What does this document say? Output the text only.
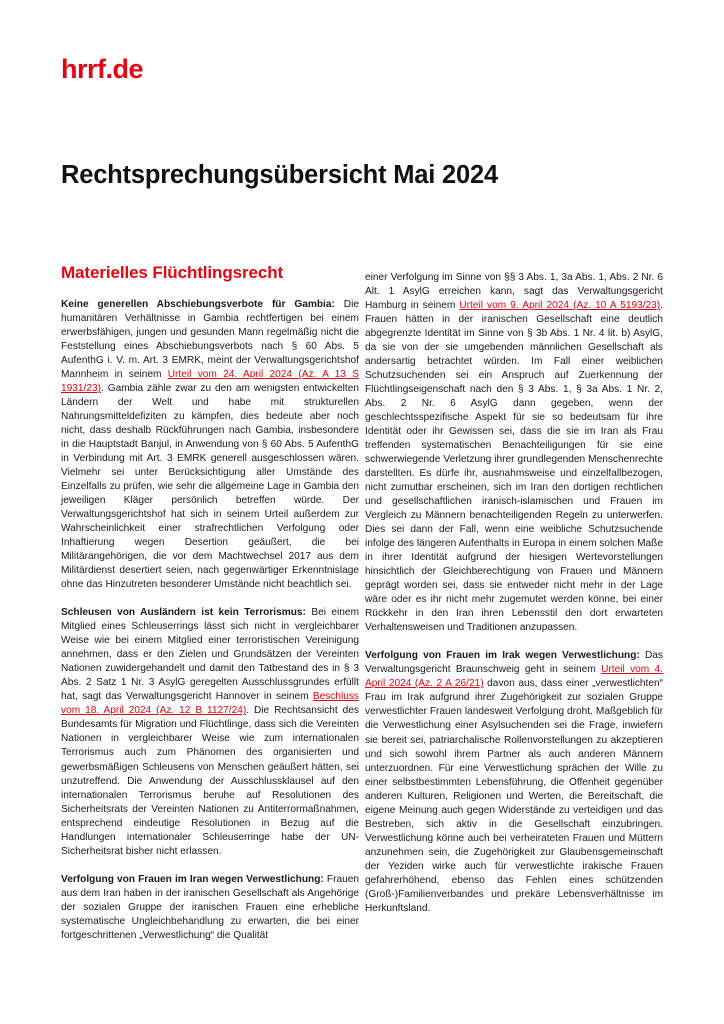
hrrf.de
Rechtsprechungsübersicht Mai 2024
Materielles Flüchtlingsrecht

Keine generellen Abschiebungsverbote für Gambia: Die humanitären Verhältnisse in Gambia rechtfertigen bei einem erwerbsfähigen, jungen und gesunden Mann regelmäßig nicht die Feststellung eines Abschiebungsverbots nach § 60 Abs. 5 AufenthG i. V. m. Art. 3 EMRK, meint der Verwaltungsgerichtshof Mannheim in seinem Urteil vom 24. April 2024 (Az. A 13 S 1931/23). Gambia zähle zwar zu den am wenigsten entwickelten Ländern der Welt und habe mit strukturellen Nahrungsmitteldefiziten zu kämpfen, dies bedeute aber noch nicht, dass deshalb Rückführungen nach Gambia, insbesondere in die Hauptstadt Banjul, in Anwendung von § 60 Abs. 5 AufenthG in Verbindung mit Art. 3 EMRK generell ausgeschlossen wären. Vielmehr sei unter Berücksichtigung aller Umstände des Einzelfalls zu prüfen, wie sehr die allgemeine Lage in Gambia den jeweiligen Kläger persönlich betreffen würde. Der Verwaltungsgerichtshof hat sich in seinem Urteil außerdem zur Wahrscheinlichkeit einer strafrechtlichen Verfolgung oder Inhaftierung wegen Desertion geäußert, die bei Militärangehörigen, die vor dem Machtwechsel 2017 aus dem Militärdienst desertiert seien, nach gegenwärtiger Erkenntnislage ohne das Hinzutreten besonderer Umstände nicht beachtlich sei.

Schleusen von Ausländern ist kein Terrorismus: Bei einem Mitglied eines Schleuserrings lässt sich nicht in vergleichbarer Weise wie bei einem Mitglied einer terroristischen Vereinigung annehmen, dass er den Zielen und Grundsätzen der Vereinten Nationen zuwidergehandelt und damit den Tatbestand des in § 3 Abs. 2 Satz 1 Nr. 3 AsylG geregelten Ausschlussgrundes erfüllt hat, sagt das Verwaltungsgericht Hannover in seinem Beschluss vom 18. April 2024 (Az. 12 B 1127/24). Die Rechtsansicht des Bundesamts für Migration und Flüchtlinge, dass sich die Vereinten Nationen in vergleichbarer Weise wie zum internationalen Terrorismus auch zum Phänomen des organisierten und gewerbsmäßigen Schleusens von Menschen geäußert hätten, sei unzutreffend. Die Anwendung der Ausschlussklausel auf den internationalen Terrorismus beruhe auf Resolutionen des Sicherheitsrats der Vereinten Nationen zu Antiterrormaßnahmen, entsprechend eindeutige Resolutionen in Bezug auf die Handlungen internationaler Schleuserringe habe der UN-Sicherheitsrat bisher nicht erlassen.

Verfolgung von Frauen im Iran wegen Verwestlichung: Frauen aus dem Iran haben in der iranischen Gesellschaft als Angehörige der sozialen Gruppe der iranischen Frauen eine erhebliche systematische Ungleichbehandlung zu erwarten, die bei einer fortgeschrittenen „Verwestlichung“ die Qualität

einer Verfolgung im Sinne von §§ 3 Abs. 1, 3a Abs. 1, Abs. 2 Nr. 6 Alt. 1 AsylG erreichen kann, sagt das Verwaltungsgericht Hamburg in seinem Urteil vom 9. April 2024 (Az. 10 A 5193/23). Frauen hätten in der iranischen Gesellschaft eine deutlich abgegrenzte Identität im Sinne von § 3b Abs. 1 Nr. 4 lit. b) AsylG, da sie von der sie umgebenden männlichen Gesellschaft als andersartig betrachtet würden. Im Fall einer weiblichen Schutzsuchenden sei ein Anspruch auf Zuerkennung der Flüchtlingseigenschaft nach den § 3 Abs. 1, § 3a Abs. 1 Nr. 2, Abs. 2 Nr. 6 AsylG dann gegeben, wenn der geschlechtsspezifische Aspekt für sie so bedeutsam für ihre Identität oder ihr Gewissen sei, dass die sie im Iran als Frau treffenden systematischen Benachteiligungen für sie eine schwerwiegende Verletzung ihrer grundlegenden Menschenrechte darstellten. Es dürfe ihr, ausnahmsweise und einzelfallbezogen, nicht zumutbar erscheinen, sich im Iran den dortigen rechtlichen und gesellschaftlichen iranisch-islamischen und Frauen im Vergleich zu Männern benachteiligenden Regeln zu unterwerfen. Dies sei dann der Fall, wenn eine weibliche Schutzsuchende infolge des längeren Aufenthalts in Europa in einem solchen Maße in ihrer Identität aufgrund der hiesigen Wertevorstellungen hinsichtlich der Gleichberechtigung von Frauen und Männern geprägt worden sei, dass sie entweder nicht mehr in der Lage wäre oder es ihr nicht mehr zugemutet werden könne, bei einer Rückkehr in den Iran ihren Lebensstil den dort erwarteten Verhaltensweisen und Traditionen anzupassen.

Verfolgung von Frauen im Irak wegen Verwestlichung: Das Verwaltungsgericht Braunschweig geht in seinem Urteil vom 4. April 2024 (Az. 2 A 26/21) davon aus, dass einer „verwestlichten“ Frau im Irak aufgrund ihrer Zugehörigkeit zur sozialen Gruppe verwestlichter Frauen landesweit Verfolgung droht. Maßgeblich für die Verwestlichung einer Asylsuchenden sei die Frage, inwiefern sie bereit sei, patriarchalische Rollenvorstellungen zu akzeptieren und sich sowohl ihrem Partner als auch anderen Männern unterzuordnen. Für eine Verwestlichung sprächen der Wille zu einer selbstbestimmten Lebensführung, die Offenheit gegenüber anderen Kulturen, Religionen und Werten, die Bereitschaft, die eigene Meinung auch gegen Widerstände zu verteidigen und das Bestreben, sich aktiv in die Gesellschaft einzubringen. Verwestlichung könne auch bei verheirateten Frauen und Müttern anzunehmen sein, die Zugehörigkeit zur Glaubensgemeinschaft der Yeziden wirke auch für verwestlichte irakische Frauen gefahrerhöhend, ebenso das Fehlen eines schützenden (Groß-)Familienverbandes und prekäre Lebensverhältnisse im Herkunftsland.
